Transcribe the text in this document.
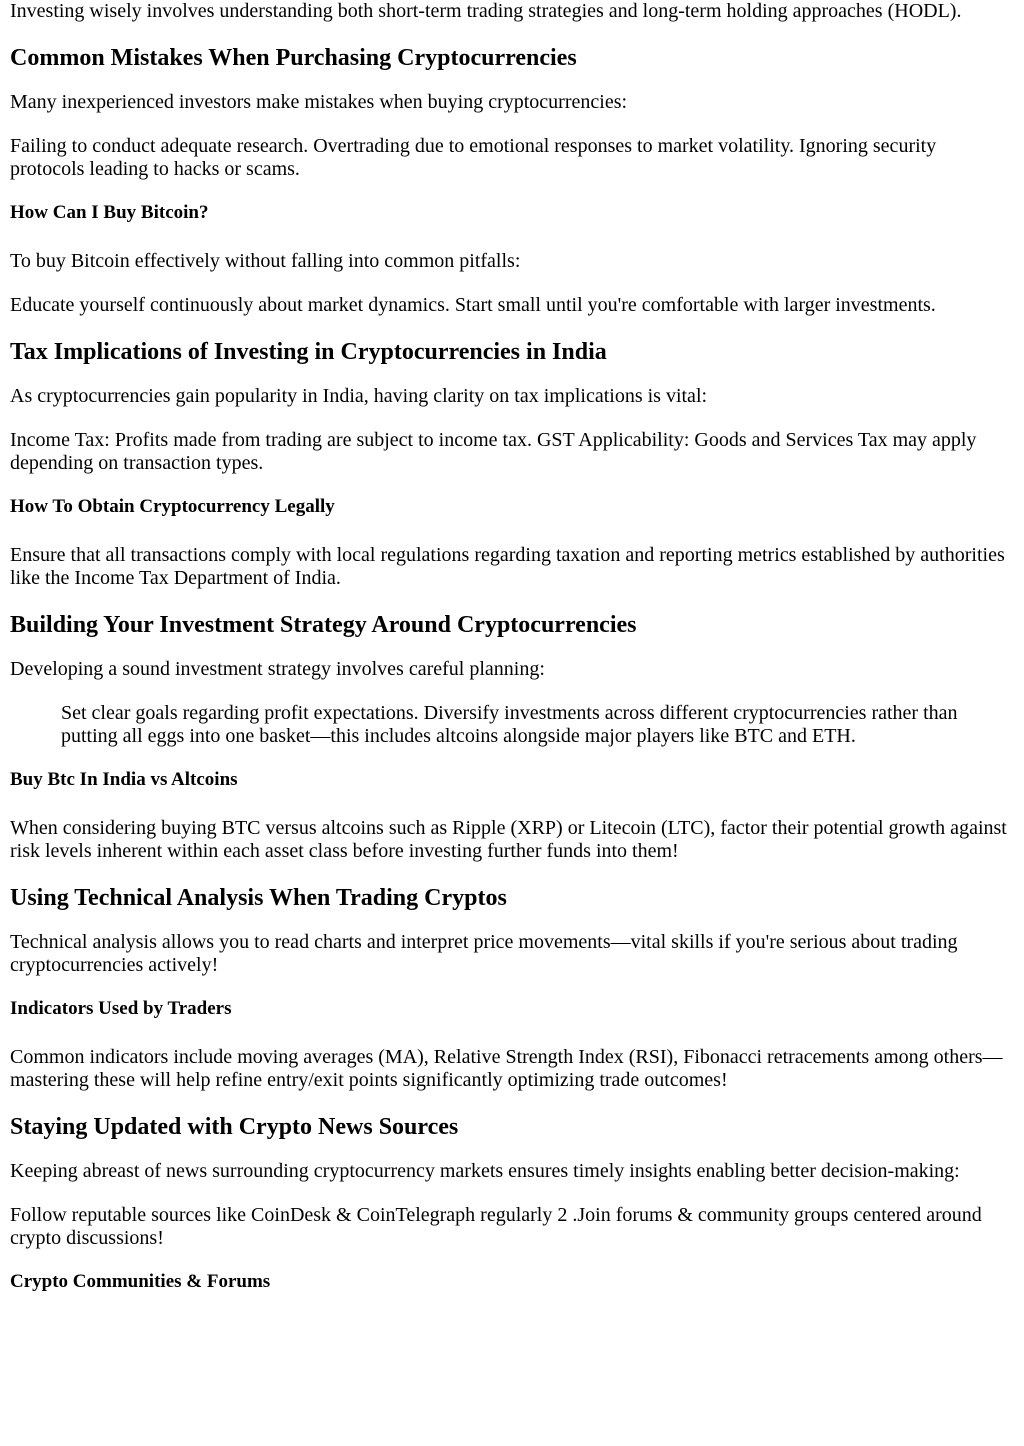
Investing wisely involves understanding both short-term trading strategies and long-term holding approaches (HODL).

Common Mistakes When Purchasing Cryptocurrencies

Many inexperienced investors make mistakes when buying cryptocurrencies:

Failing to conduct adequate research. Overtrading due to emotional responses to market volatility. Ignoring security protocols leading to hacks or scams.

How Can I Buy Bitcoin?

To buy Bitcoin effectively without falling into common pitfalls:

Educate yourself continuously about market dynamics. Start small until you're comfortable with larger investments.

Tax Implications of Investing in Cryptocurrencies in India

As cryptocurrencies gain popularity in India, having clarity on tax implications is vital:

Income Tax: Profits made from trading are subject to income tax. GST Applicability: Goods and Services Tax may apply depending on transaction types.

How To Obtain Cryptocurrency Legally

Ensure that all transactions comply with local regulations regarding taxation and reporting metrics established by authorities like the Income Tax Department of India.

Building Your Investment Strategy Around Cryptocurrencies

Developing a sound investment strategy involves careful planning:

Set clear goals regarding profit expectations. Diversify investments across different cryptocurrencies rather than putting all eggs into one basket—this includes altcoins alongside major players like BTC and ETH.
Buy Btc In India vs Altcoins

When considering buying BTC versus altcoins such as Ripple (XRP) or Litecoin (LTC), factor their potential growth against risk levels inherent within each asset class before investing further funds into them!

Using Technical Analysis When Trading Cryptos

Technical analysis allows you to read charts and interpret price movements—vital skills if you're serious about trading cryptocurrencies actively!

Indicators Used by Traders

Common indicators include moving averages (MA), Relative Strength Index (RSI), Fibonacci retracements among others—mastering these will help refine entry/exit points significantly optimizing trade outcomes!

Staying Updated with Crypto News Sources

Keeping abreast of news surrounding cryptocurrency markets ensures timely insights enabling better decision-making:

Follow reputable sources like CoinDesk & CoinTelegraph regularly 2 .Join forums & community groups centered around crypto discussions!

Crypto Communities & Forums
